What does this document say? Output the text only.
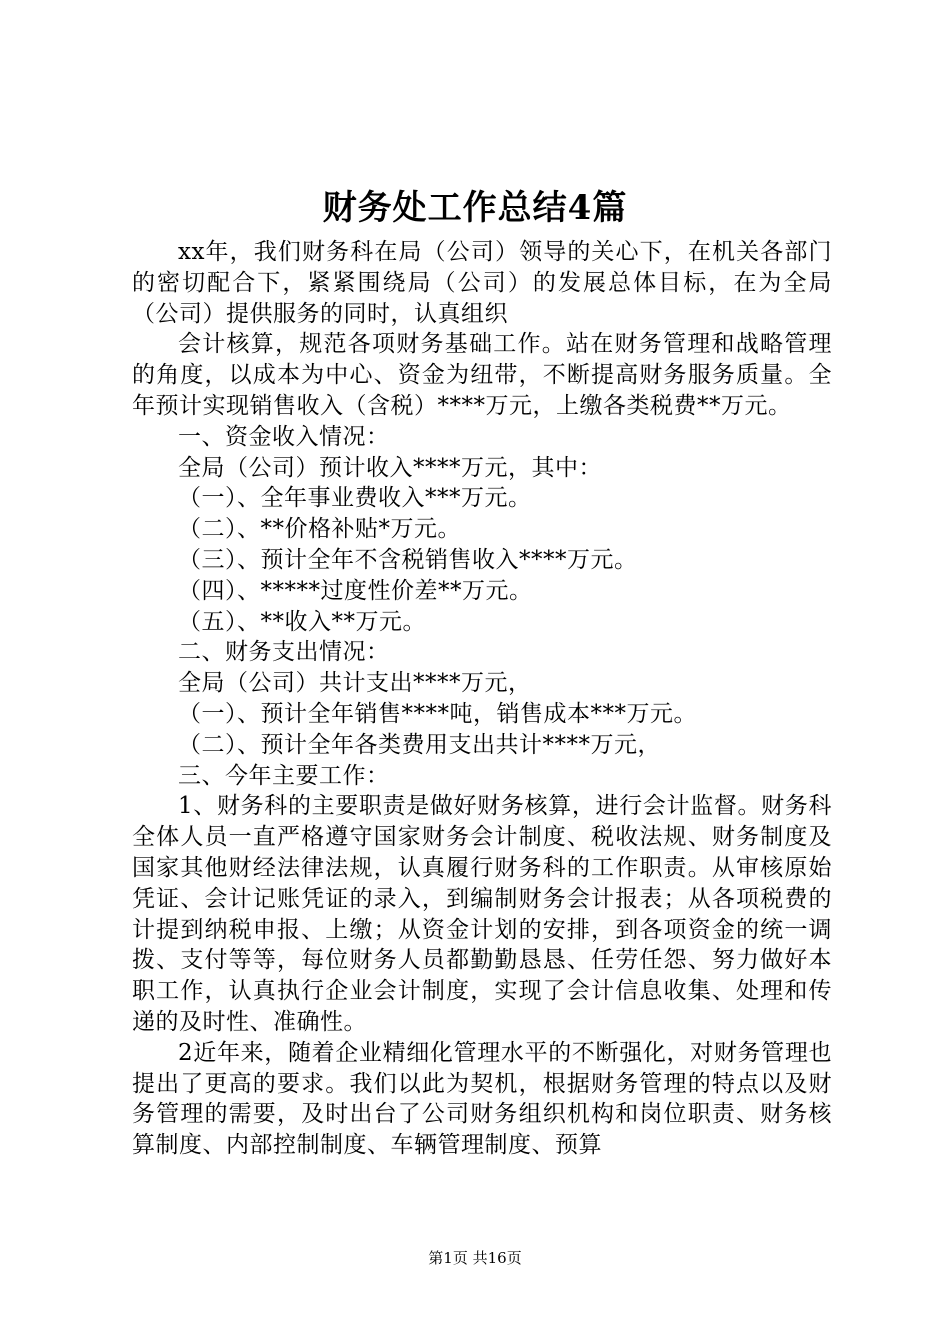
财务处工作总结4篇

xx年，我们财务科在局（公司）领导的关心下，在机关各部门的密切配合下，紧紧围绕局（公司）的发展总体目标，在为全局（公司）提供服务的同时，认真组织

会计核算，规范各项财务基础工作。站在财务管理和战略管理的角度，以成本为中心、资金为纽带，不断提高财务服务质量。全年预计实现销售收入（含税）****万元，上缴各类税费**万元。

一、资金收入情况：

全局（公司）预计收入****万元，其中：

（一）、全年事业费收入***万元。

（二）、**价格补贴*万元。

（三）、预计全年不含税销售收入****万元。

（四）、*****过度性价差**万元。

（五）、**收入**万元。

二、财务支出情况：

全局（公司）共计支出****万元，

（一）、预计全年销售****吨，销售成本***万元。

（二）、预计全年各类费用支出共计****万元，

三、今年主要工作：

1、财务科的主要职责是做好财务核算，进行会计监督。财务科全体人员一直严格遵守国家财务会计制度、税收法规、财务制度及国家其他财经法律法规，认真履行财务科的工作职责。从审核原始凭证、会计记账凭证的录入，到编制财务会计报表；从各项税费的计提到纳税申报、上缴；从资金计划的安排，到各项资金的统一调拨、支付等等，每位财务人员都勤勤恳恳、任劳任怨、努力做好本职工作，认真执行企业会计制度，实现了会计信息收集、处理和传递的及时性、准确性。

2近年来，随着企业精细化管理水平的不断强化，对财务管理也提出了更高的要求。我们以此为契机，根据财务管理的特点以及财务管理的需要，及时出台了公司财务组织机构和岗位职责、财务核算制度、内部控制制度、车辆管理制度、预算

第1页 共16页
